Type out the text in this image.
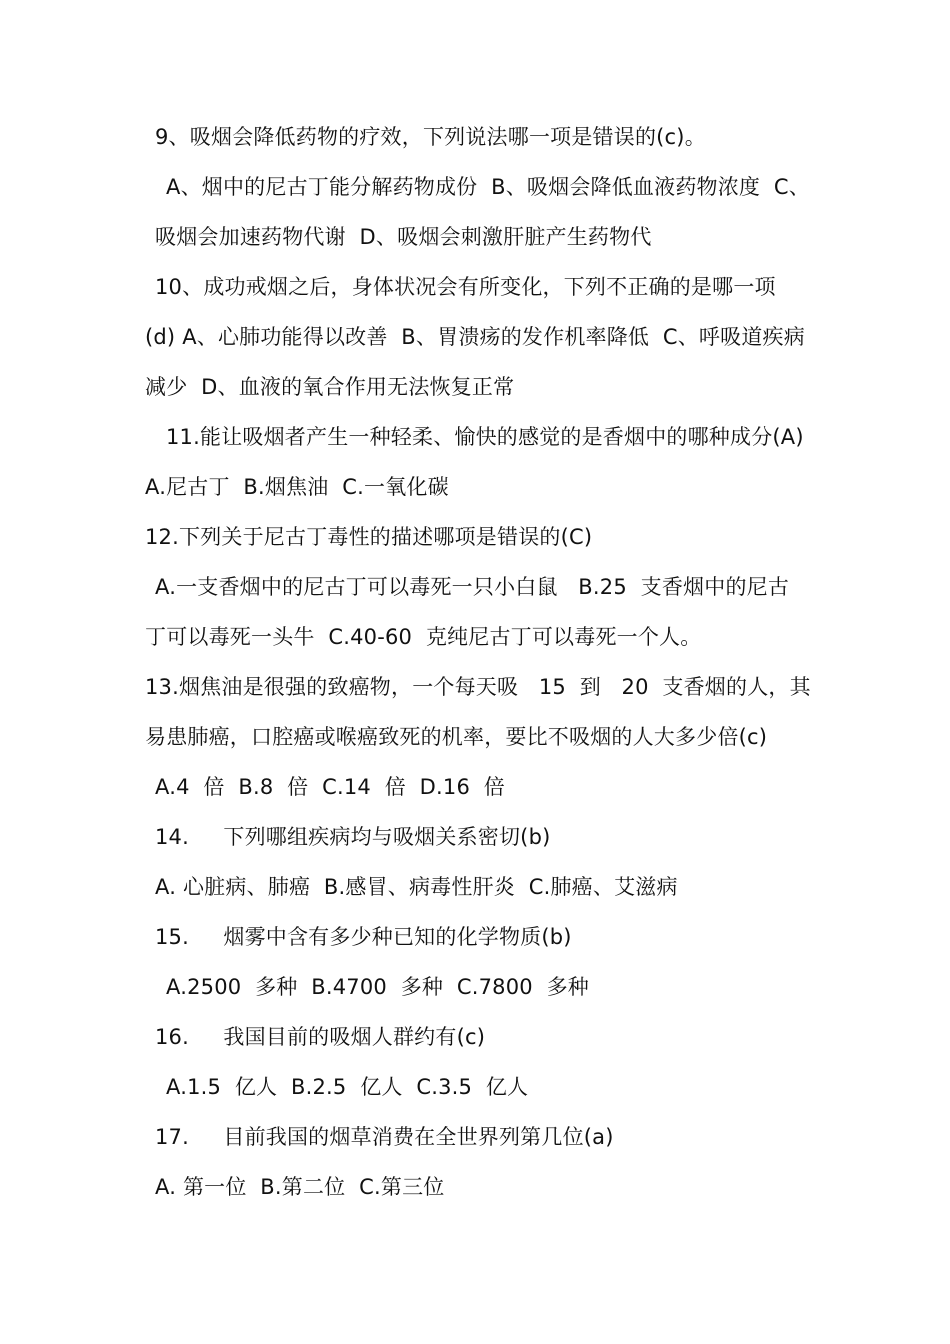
9、吸烟会降低药物的疗效，下列说法哪一项是错误的(c)。
A、烟中的尼古丁能分解药物成份  B、吸烟会降低血液药物浓度  C、
吸烟会加速药物代谢  D、吸烟会刺激肝脏产生药物代
10、成功戒烟之后，身体状况会有所变化，下列不正确的是哪一项
(d) A、心肺功能得以改善  B、胃溃疡的发作机率降低  C、呼吸道疾病
减少  D、血液的氧合作用无法恢复正常
11.能让吸烟者产生一种轻柔、愉快的感觉的是香烟中的哪种成分(A)
A.尼古丁  B.烟焦油  C.一氧化碳
12.下列关于尼古丁毒性的描述哪项是错误的(C)
A.一支香烟中的尼古丁可以毒死一只小白鼠   B.25  支香烟中的尼古
丁可以毒死一头牛  C.40-60  克纯尼古丁可以毒死一个人。
13.烟焦油是很强的致癌物，一个每天吸   15  到   20  支香烟的人，其
易患肺癌，口腔癌或喉癌致死的机率，要比不吸烟的人大多少倍(c)
A.4  倍  B.8  倍  C.14  倍  D.16  倍
14.     下列哪组疾病均与吸烟关系密切(b)
A. 心脏病、肺癌  B.感冒、病毒性肝炎  C.肺癌、艾滋病
15.     烟雾中含有多少种已知的化学物质(b)
A.2500  多种  B.4700  多种  C.7800  多种
16.     我国目前的吸烟人群约有(c)
A.1.5  亿人  B.2.5  亿人  C.3.5  亿人
17.     目前我国的烟草消费在全世界列第几位(a)
A. 第一位  B.第二位  C.第三位
